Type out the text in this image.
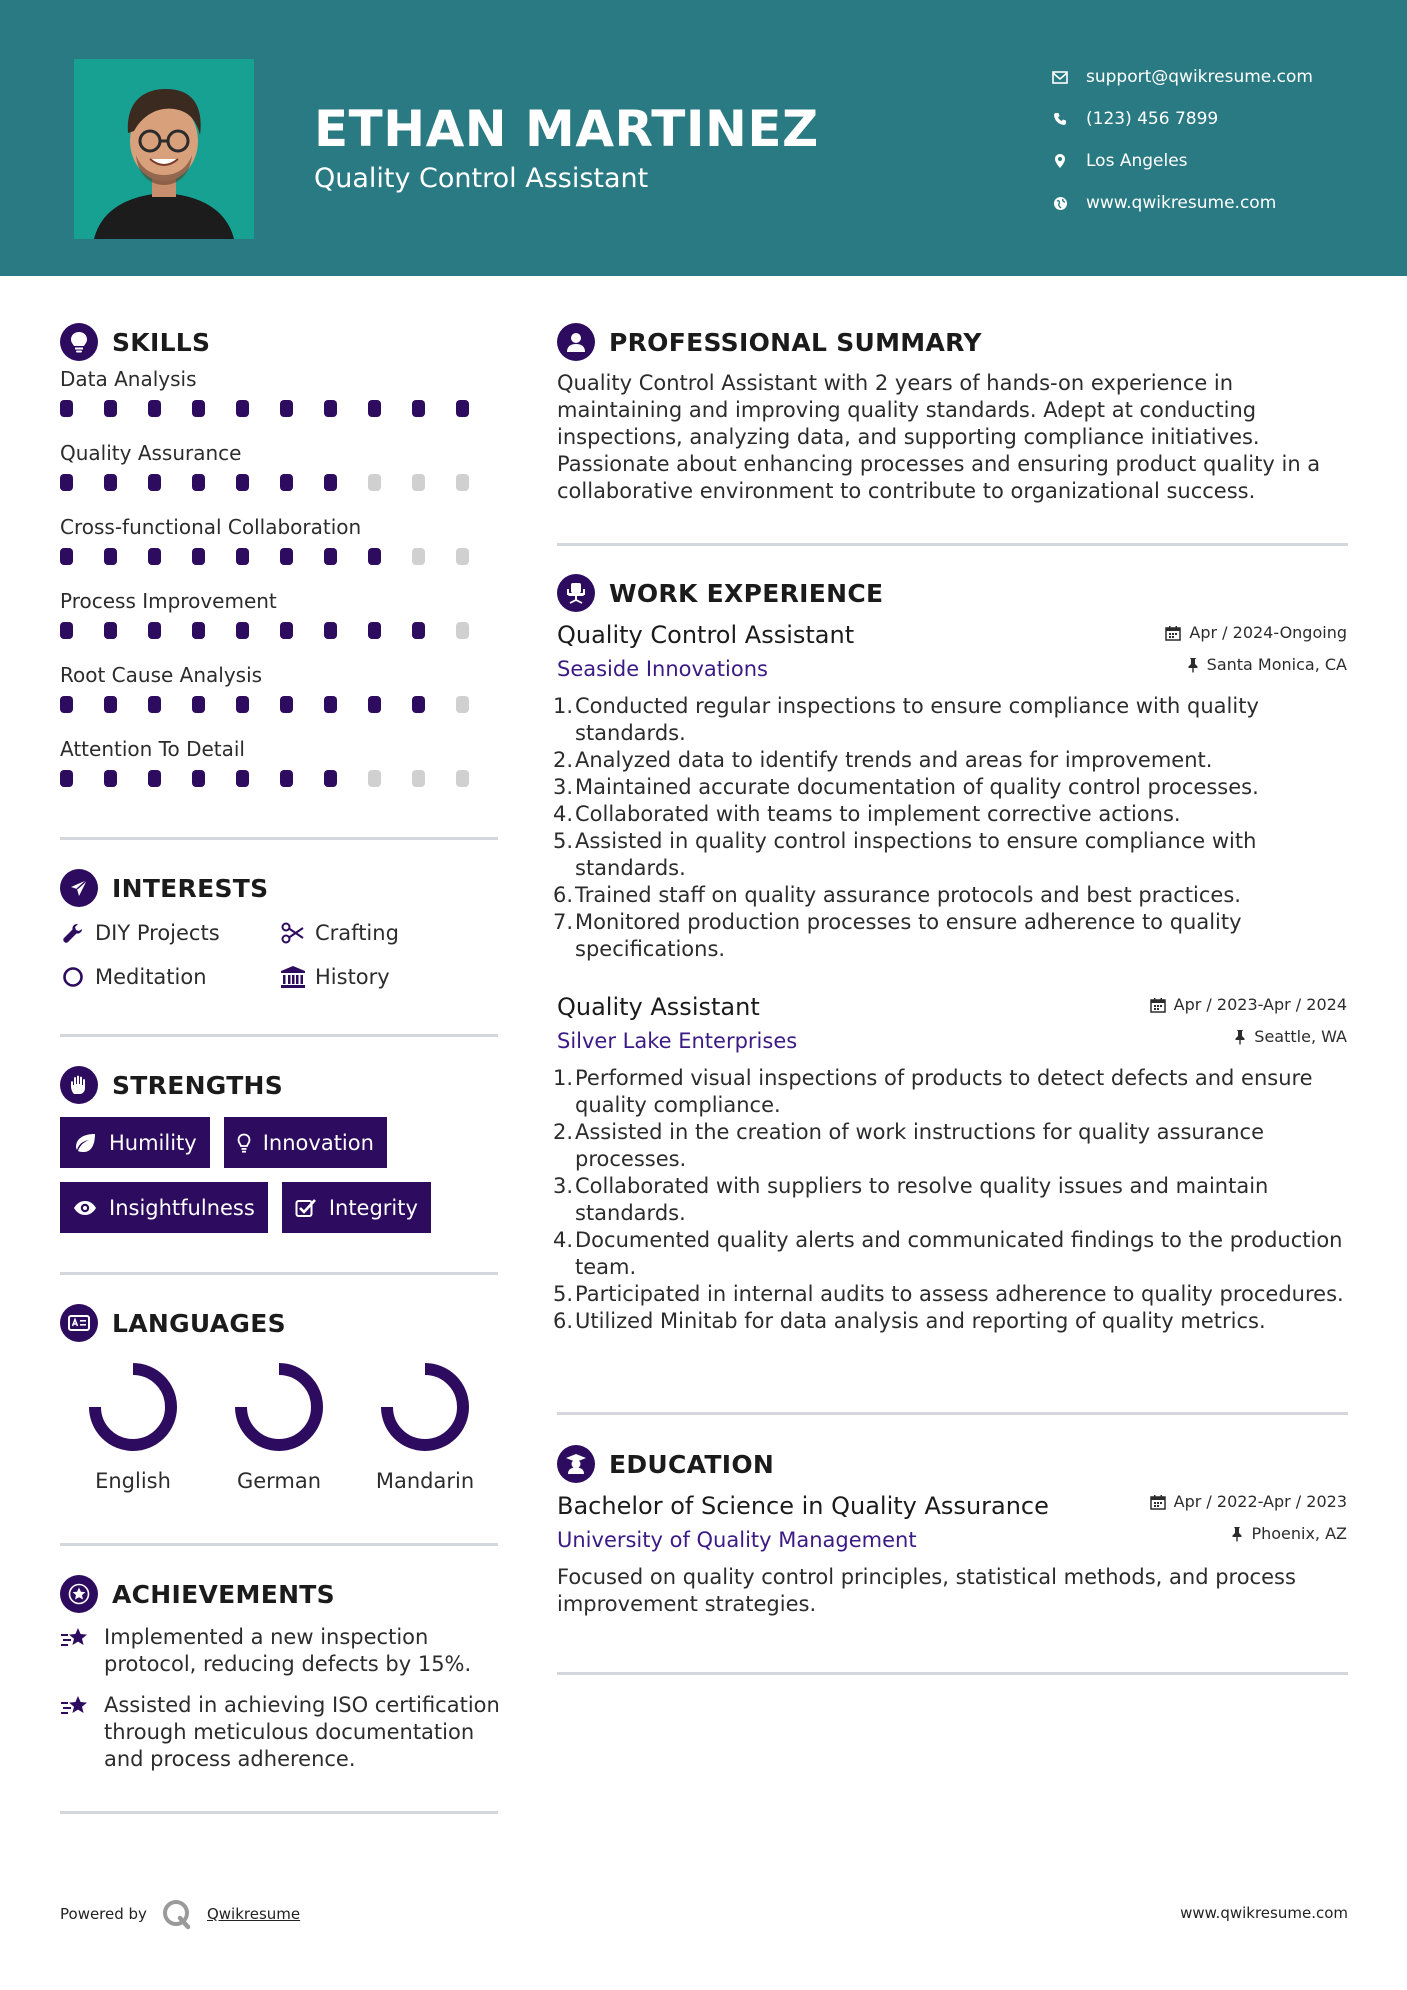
ETHAN MARTINEZ
Quality Control Assistant
support@qwikresume.com
(123) 456 7899
Los Angeles
www.qwikresume.com
SKILLS
Data Analysis
Quality Assurance
Cross-functional Collaboration
Process Improvement
Root Cause Analysis
Attention To Detail
INTERESTS
DIY Projects	Crafting
Meditation	History
STRENGTHS
Humility	Innovation
Insightfulness	Integrity
LANGUAGES
English	German	Mandarin
ACHIEVEMENTS
Implemented a new inspection protocol, reducing defects by 15%.
Assisted in achieving ISO certification through meticulous documentation and process adherence.
PROFESSIONAL SUMMARY
Quality Control Assistant with 2 years of hands-on experience in maintaining and improving quality standards. Adept at conducting inspections, analyzing data, and supporting compliance initiatives. Passionate about enhancing processes and ensuring product quality in a collaborative environment to contribute to organizational success.
WORK EXPERIENCE
Quality Control Assistant
Seaside Innovations
Apr / 2024-Ongoing
Santa Monica, CA
1. Conducted regular inspections to ensure compliance with quality standards.
2. Analyzed data to identify trends and areas for improvement.
3. Maintained accurate documentation of quality control processes.
4. Collaborated with teams to implement corrective actions.
5. Assisted in quality control inspections to ensure compliance with standards.
6. Trained staff on quality assurance protocols and best practices.
7. Monitored production processes to ensure adherence to quality specifications.
Quality Assistant
Silver Lake Enterprises
Apr / 2023-Apr / 2024
Seattle, WA
1. Performed visual inspections of products to detect defects and ensure quality compliance.
2. Assisted in the creation of work instructions for quality assurance processes.
3. Collaborated with suppliers to resolve quality issues and maintain standards.
4. Documented quality alerts and communicated findings to the production team.
5. Participated in internal audits to assess adherence to quality procedures.
6. Utilized Minitab for data analysis and reporting of quality metrics.
EDUCATION
Bachelor of Science in Quality Assurance
University of Quality Management
Apr / 2022-Apr / 2023
Phoenix, AZ
Focused on quality control principles, statistical methods, and process improvement strategies.
Powered by	Qwikresume	www.qwikresume.com
